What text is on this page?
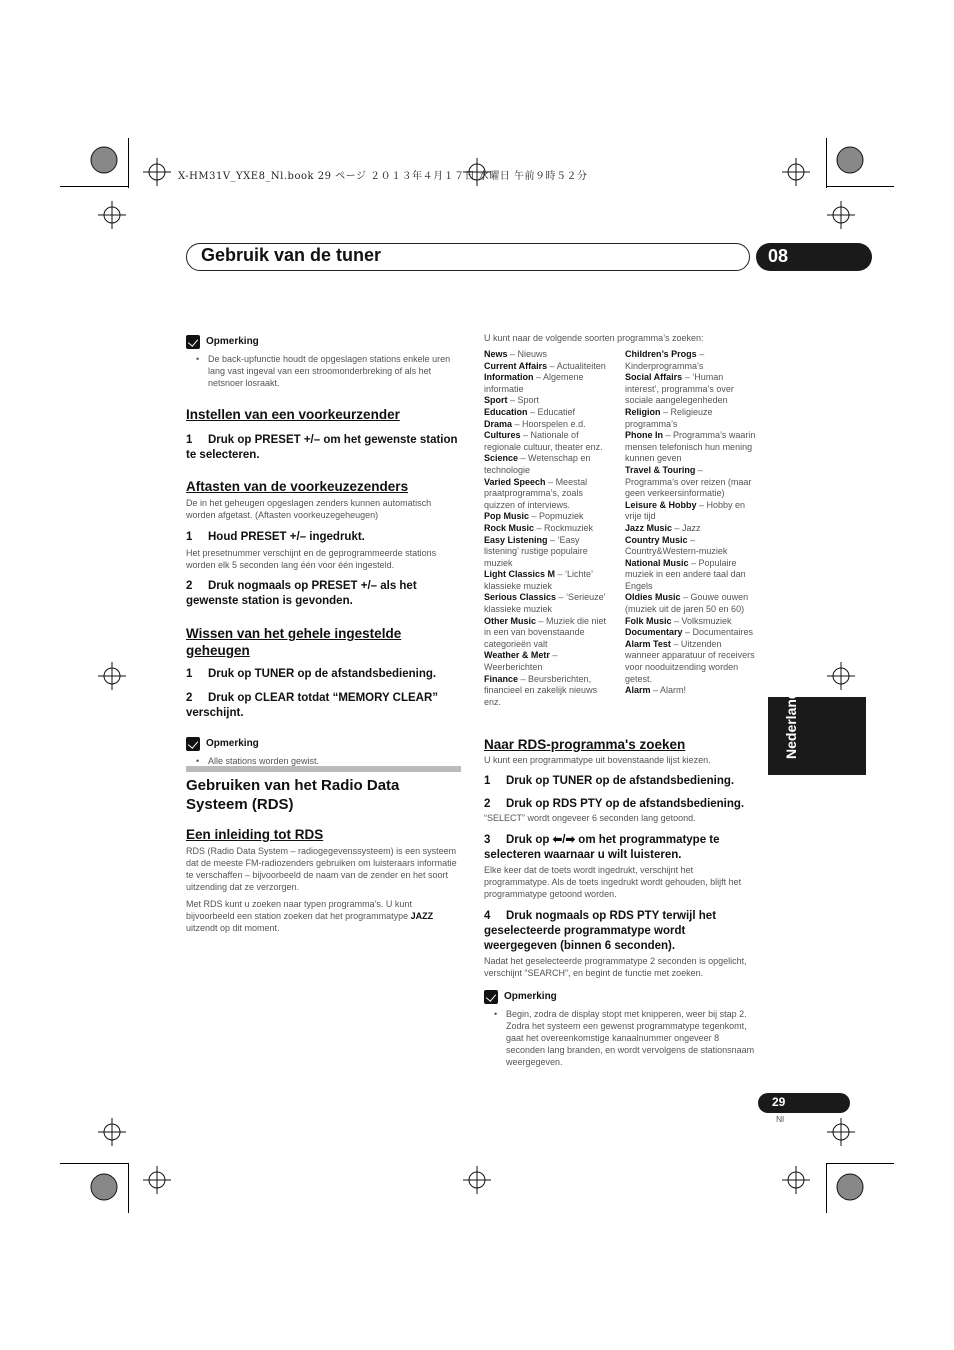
X-HM31V_YXE8_Nl.book 29 ページ ２０１３年４月１７日 水曜日 午前９時５２分
Gebruik van de tuner	08
Opmerking

• De back-upfunctie houdt de opgeslagen stations enkele uren lang vast ingeval van een stroomonderbreking of als het netsnoer losraakt.

Instellen van een voorkeurzender

1 Druk op PRESET +/– om het gewenste station te selecteren.

Aftasten van de voorkeuzezenders

De in het geheugen opgeslagen zenders kunnen automatisch worden afgetast. (Aftasten voorkeuzegeheugen)

1 Houd PRESET +/– ingedrukt.

Het presetnummer verschijnt en de geprogrammeerde stations worden elk 5 seconden lang één voor één ingesteld.

2 Druk nogmaals op PRESET +/– als het gewenste station is gevonden.

Wissen van het gehele ingestelde geheugen

1 Druk op TUNER op de afstandsbediening.

2 Druk op CLEAR totdat “MEMORY CLEAR” verschijnt.

Opmerking

• Alle stations worden gewist.

Gebruiken van het Radio Data Systeem (RDS)

Een inleiding tot RDS

RDS (Radio Data System – radiogegevenssysteem) is een systeem dat de meeste FM-radiozenders gebruiken om luisteraars informatie te verschaffen – bijvoorbeeld de naam van de zender en het soort uitzending dat ze verzorgen.

Met RDS kunt u zoeken naar typen programma’s. U kunt bijvoorbeeld een station zoeken dat het programmatype JAZZ uitzendt op dit moment.

U kunt naar de volgende soorten programma’s zoeken:

News – Nieuws

Current Affairs – Actualiteiten

Information – Algemene informatie

Sport – Sport

Education – Educatief

Drama – Hoorspelen e.d.

Cultures – Nationale of regionale cultuur, theater enz.

Science – Wetenschap en technologie

Varied Speech – Meestal praatprogramma’s, zoals quizzen of interviews.

Pop Music – Popmuziek

Rock Music – Rockmuziek

Easy Listening – ‘Easy listening’ rustige populaire muziek

Light Classics M – ‘Lichte’ klassieke muziek

Serious Classics – ‘Serieuze’ klassieke muziek

Other Music – Muziek die niet in een van bovenstaande categorieën valt

Weather & Metr – Weerberichten

Finance – Beursberichten, financieel en zakelijk nieuws enz.

Children’s Progs – Kinderprogramma’s

Social Affairs – ‘Human interest’, programma’s over sociale aangelegenheden

Religion – Religieuze programma’s

Phone In – Programma’s waarin mensen telefonisch hun mening kunnen geven

Travel & Touring – Programma’s over reizen (maar geen verkeersinformatie)

Leisure & Hobby – Hobby en vrije tijd

Jazz Music – Jazz

Country Music – Country&Western-muziek

National Music – Populaire muziek in een andere taal dan Engels

Oldies Music – Gouwe ouwen (muziek uit de jaren 50 en 60)

Folk Music – Volksmuziek

Documentary – Documentaires

Alarm Test – Uitzenden wanneer apparatuur of receivers voor nooduitzending worden getest.

Alarm – Alarm!

Naar RDS-programma's zoeken

U kunt een programmatype uit bovenstaande lijst kiezen.

1 Druk op TUNER op de afstandsbediening.

2 Druk op RDS PTY op de afstandsbediening.

“SELECT” wordt ongeveer 6 seconden lang getoond.

3 Druk op ⬅/➡ om het programmatype te selecteren waarnaar u wilt luisteren.

Elke keer dat de toets wordt ingedrukt, verschijnt het programmatype. Als de toets ingedrukt wordt gehouden, blijft het programmatype getoond worden.

4 Druk nogmaals op RDS PTY terwijl het geselecteerde programmatype wordt weergegeven (binnen 6 seconden).

Nadat het geselecteerde programmatype 2 seconden is opgelicht, verschijnt “SEARCH”, en begint de functie met zoeken.

Opmerking

• Begin, zodra de display stopt met knipperen, weer bij stap 2. Zodra het systeem een gewenst programmatype tegenkomt, gaat het overeenkomstige kanaalnummer ongeveer 8 seconden lang branden, en wordt vervolgens de stationsnaam weergegeven.

Nederlands
29
Nl
